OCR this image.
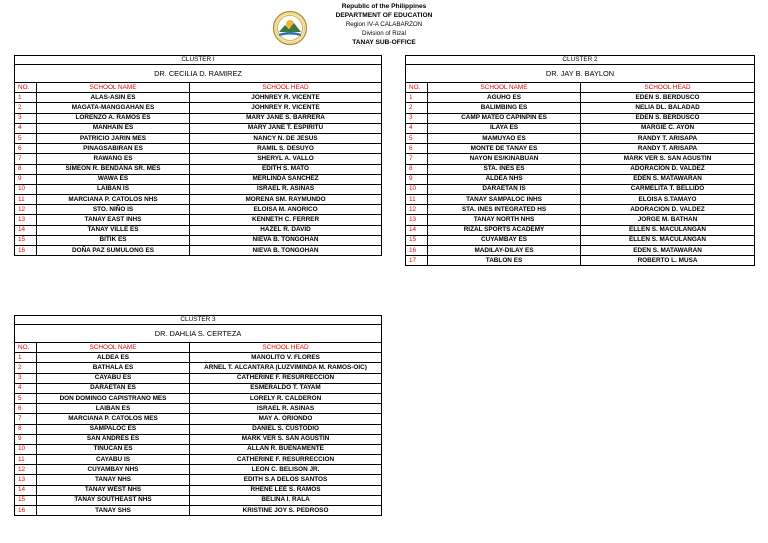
Republic of the Philippines
DEPARTMENT OF EDUCATION
Region IV-A CALABARZON
Division of Rizal
TANAY SUB-OFFICE
CLUSTER I		
DR. CECILIA D. RAMIREZ		
NO.	SCHOOL NAME	SCHOOL HEAD
1	ALAS-ASIN ES	JOHNREY R. VICENTE
2	MAGATA-MANGGAHAN ES	JOHNREY R. VICENTE
3	LORENZO A. RAMOS ES	MARY JANE S. BARRERA
4	MANHAIN ES	MARY JANE T. ESPIRITU
5	PATRICIO JARIN MES	NANCY N. DE JESUS
6	PINAGSABIRAN ES	RAMIL S. DESUYO
7	RAWANG ES	SHERYL A. VALLO
8	SIMEON R. BENDAÑA SR. MES	EDITH S. MATO
9	WAWA ES	MERLINDA SANCHEZ
10	LAIBAN IS	ISRAEL R. ASINAS
11	MARCIANA P. CATOLOS NHS	MORENA SM. RAYMUNDO
12	STO. NIÑO IS	ELOISA M. ANORICO
13	TANAY EAST INHS	KENNETH C. FERRER
14	TANAY VILLE ES	HAZEL R. DAVID
15	BITIK ES	NIEVA B. TONGOHAN
16	DOÑA PAZ SUMULONG ES	NIEVA B. TONGOHAN
CLUSTER 2		
DR. JAY B. BAYLON		
NO.	SCHOOL NAME	SCHOOL HEAD
1	AGUHO ES	EDEN S. BERDUSCO
2	BALIMBING ES	NELIA DL. BALADAD
3	CAMP MATEO CAPINPIN ES	EDEN S. BERDUSCO
4	ILAYA ES	MARGIE C. AYON
5	MAMUYAO ES	RANDY T. ARISAPA
6	MONTE DE TANAY ES	RANDY T. ARISAPA
7	NAYON ES/KINABUAN	MARK VER S. SAN AGUSTIN
8	STA. INES ES	ADORACION D. VALDEZ
9	ALDEA NHS	EDEN S. MATAWARAN
10	DARAETAN IS	CARMELITA T. BELLIDO
11	TANAY SAMPALOC INHS	ELOISA S.TAMAYO
12	STA. INES INTEGRATED HS	ADORACION D. VALDEZ
13	TANAY NORTH NHS	JORGE M. BATHAN
14	RIZAL SPORTS ACADEMY	ELLEN S. MACULANGAN
15	CUYAMBAY ES	ELLEN S. MACULANGAN
16	MADILAY-DILAY ES	EDEN S. MATAWARAN
17	TABLON ES	ROBERTO L. MUSA
CLUSTER 3		
DR. DAHLIA S. CERTEZA		
NO.	SCHOOL NAME	SCHOOL HEAD
1	ALDEA ES	MANOLITO V. FLORES
2	BATHALA ES	ARNEL T. ALCANTARA (LUZVIMINDA M. RAMOS-OIC)
3	CAYABU ES	CATHERINE F. RESURRECCION
4	DARAETAN ES	ESMERALDO T. TAYAM
5	DON DOMINGO CAPISTRANO MES	LORELY R. CALDERON
6	LAIBAN ES	ISRAEL R. ASINAS
7	MARCIANA P. CATOLOS MES	MAY A. ORIONDO
8	SAMPALOC ES	DANIEL S. CUSTODIO
9	SAN ANDRES ES	MARK VER S. SAN AGUSTIN
10	TINUCAN ES	ALLAN R. BUENAMENTE
11	CAYABU IS	CATHERINE F. RESURRECCION
12	CUYAMBAY NHS	LEON C. BELISON JR.
13	TANAY NHS	EDITH S.A DELOS SANTOS
14	TANAY WEST NHS	RHENE LEE S. RAMOS
15	TANAY SOUTHEAST NHS	BELINA I. RALA
16	TANAY SHS	KRISTINE JOY S. PEDROSO
